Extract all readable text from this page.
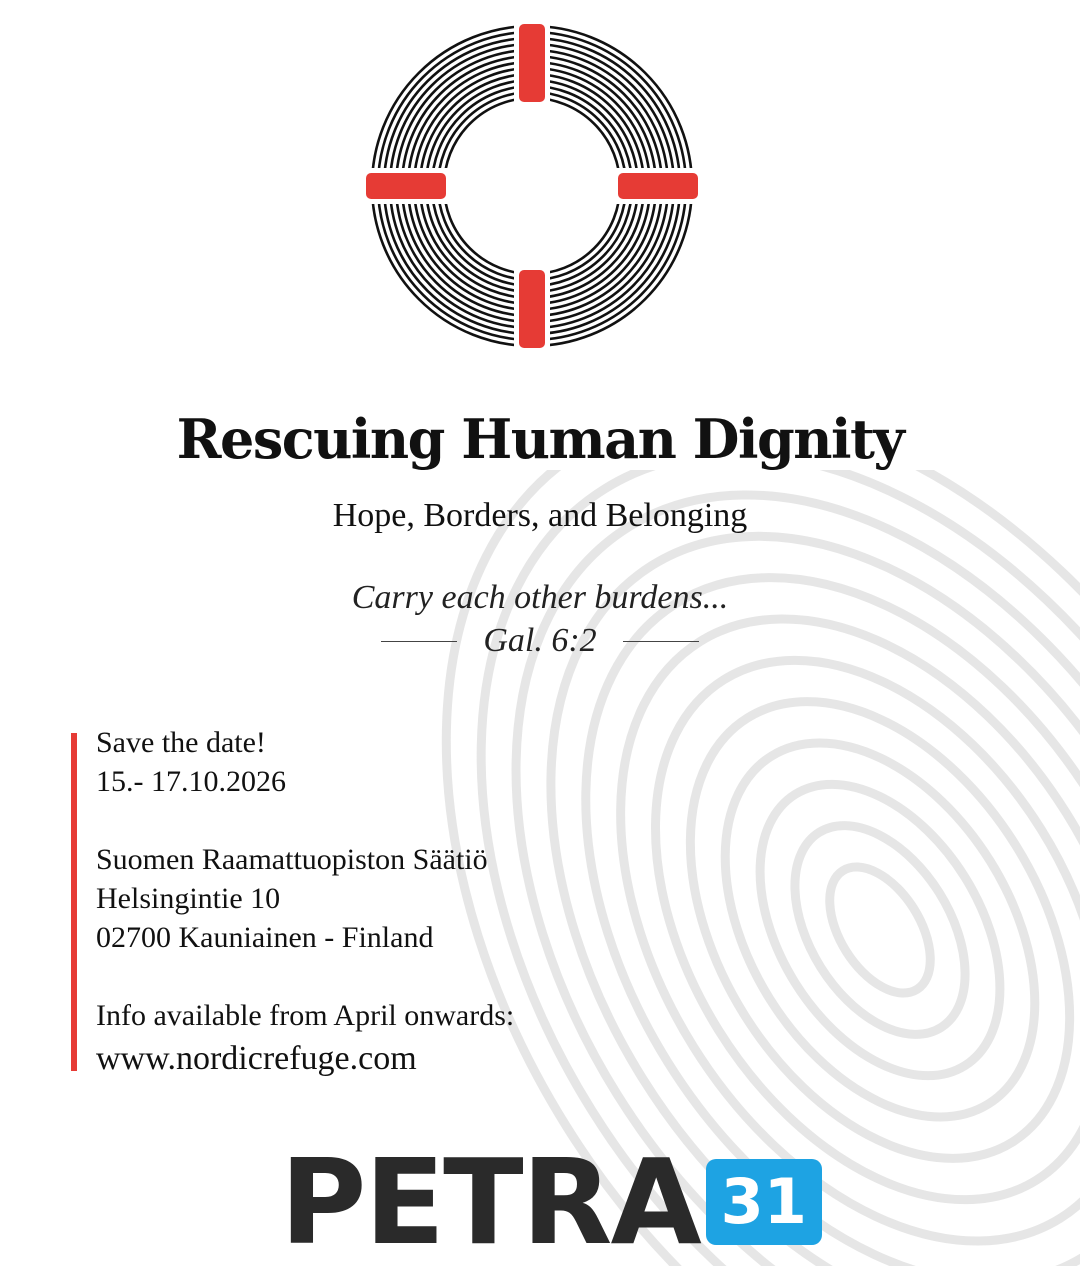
Rescuing Human Dignity

Hope, Borders, and Belonging

Carry each other burdens...
Gal. 6:2
Save the date!
15.- 17.10.2026
Suomen Raamattuopiston Säätiö
Helsingintie 10
02700 Kauniainen - Finland
Info available from April onwards:
www.nordicrefuge.com
PETRA 31
